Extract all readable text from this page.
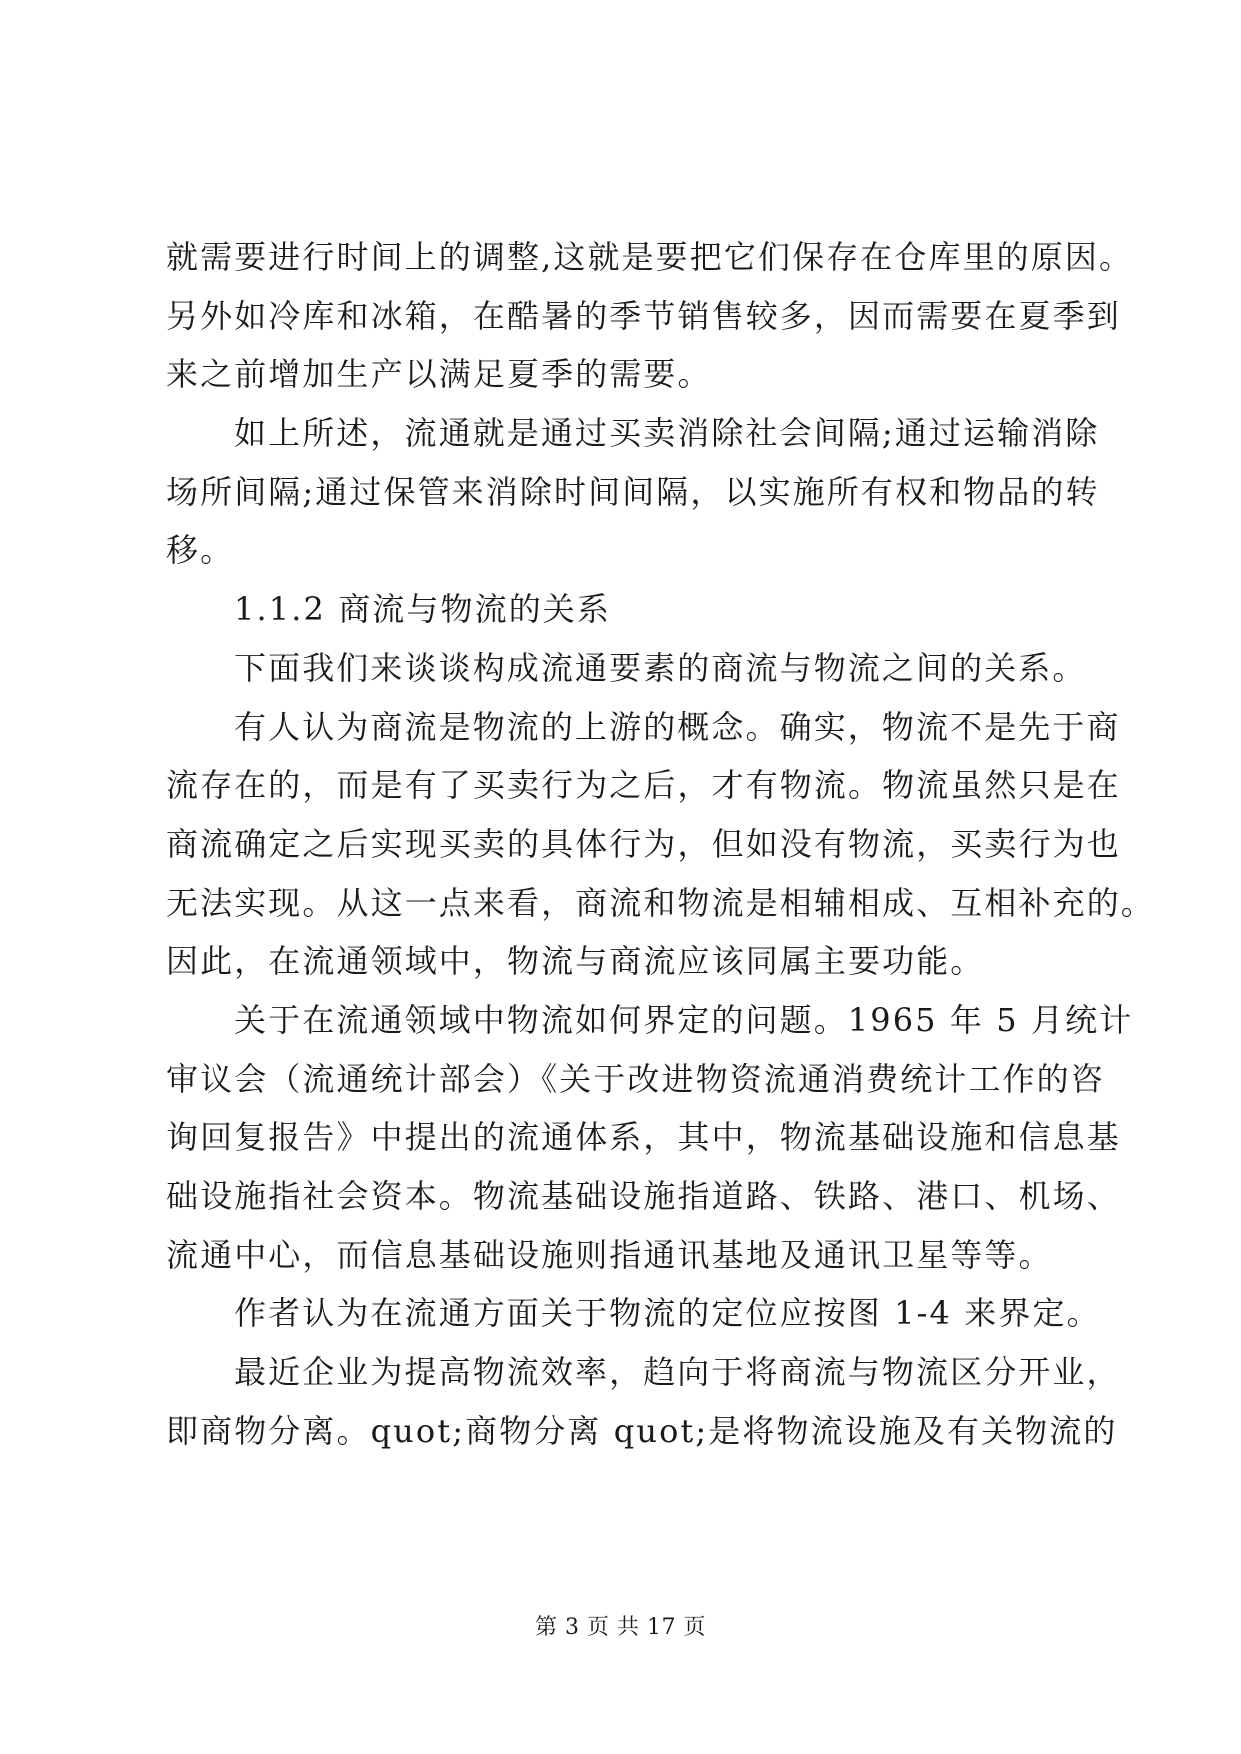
就需要进行时间上的调整,这就是要把它们保存在仓库里的原因。
另外如冷库和冰箱，在酷暑的季节销售较多，因而需要在夏季到
来之前增加生产以满足夏季的需要。
如上所述，流通就是通过买卖消除社会间隔;通过运输消除
场所间隔;通过保管来消除时间间隔，以实施所有权和物品的转
移。
1.1.2 商流与物流的关系
下面我们来谈谈构成流通要素的商流与物流之间的关系。
有人认为商流是物流的上游的概念。确实，物流不是先于商
流存在的，而是有了买卖行为之后，才有物流。物流虽然只是在
商流确定之后实现买卖的具体行为，但如没有物流，买卖行为也
无法实现。从这一点来看，商流和物流是相辅相成、互相补充的。
因此，在流通领域中，物流与商流应该同属主要功能。
关于在流通领域中物流如何界定的问题。1965 年 5 月统计
审议会（流通统计部会）《关于改进物资流通消费统计工作的咨
询回复报告》中提出的流通体系，其中，物流基础设施和信息基
础设施指社会资本。物流基础设施指道路、铁路、港口、机场、
流通中心，而信息基础设施则指通讯基地及通讯卫星等等。
作者认为在流通方面关于物流的定位应按图 1-4 来界定。
最近企业为提高物流效率，趋向于将商流与物流区分开业，
即商物分离。quot;商物分离 quot;是将物流设施及有关物流的
第 3 页 共 17 页
